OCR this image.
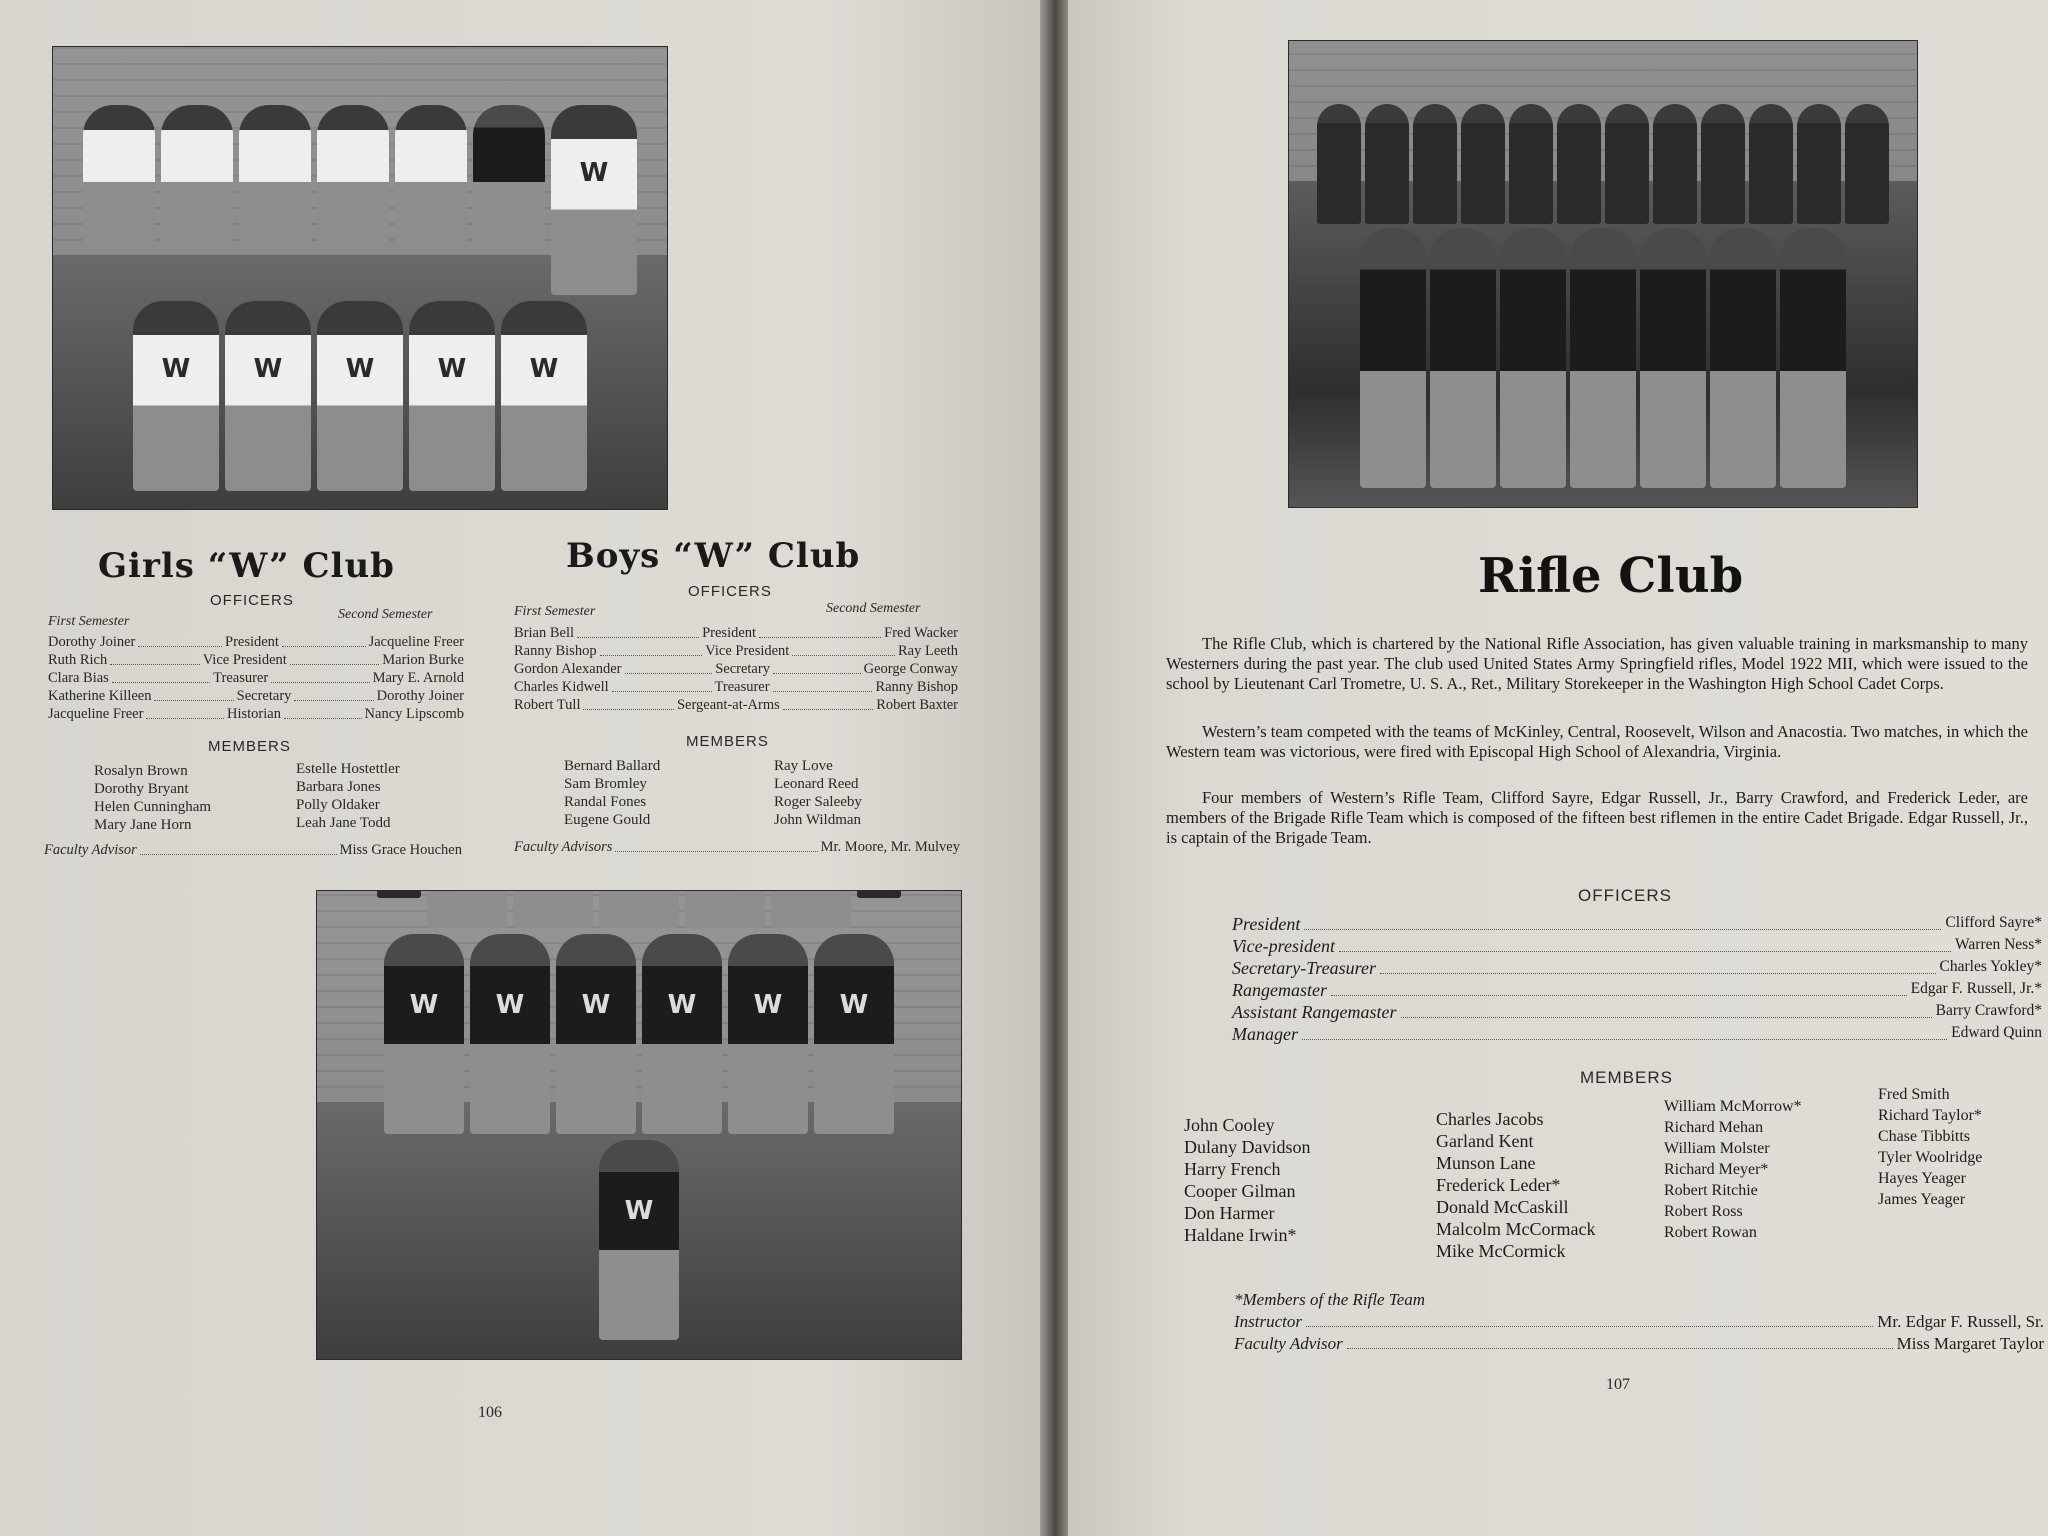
W
W	W	W	W	W
Girls “W” Club
OFFICERS
First Semester	Second Semester
Dorothy Joiner	President	Jacqueline Freer
Ruth Rich	Vice President	Marion Burke
Clara Bias	Treasurer	Mary E. Arnold
Katherine Killeen	Secretary	Dorothy Joiner
Jacqueline Freer	Historian	Nancy Lipscomb
MEMBERS
Rosalyn Brown
Dorothy Bryant
Helen Cunningham
Mary Jane Horn
Estelle Hostettler
Barbara Jones
Polly Oldaker
Leah Jane Todd
Faculty Advisor	Miss Grace Houchen
Boys “W” Club
OFFICERS
First Semester	Second Semester
Brian Bell	President	Fred Wacker
Ranny Bishop	Vice President	Ray Leeth
Gordon Alexander	Secretary	George Conway
Charles Kidwell	Treasurer	Ranny Bishop
Robert Tull	Sergeant-at-Arms	Robert Baxter
MEMBERS
Bernard Ballard
Sam Bromley
Randal Fones
Eugene Gould
Ray Love
Leonard Reed
Roger Saleeby
John Wildman
Faculty Advisors	Mr. Moore, Mr. Mulvey
W	W	W	W	W	W
W
106
Rifle Club

The Rifle Club, which is chartered by the National Rifle Association, has given valuable training in marksmanship to many Westerners during the past year. The club used United States Army Springfield rifles, Model 1922 MII, which were issued to the school by Lieutenant Carl Trometre, U. S. A., Ret., Military Storekeeper in the Washington High School Cadet Corps.

Western’s team competed with the teams of McKinley, Central, Roosevelt, Wilson and Anacostia. Two matches, in which the Western team was victorious, were fired with Episcopal High School of Alexandria, Virginia.

Four members of Western’s Rifle Team, Clifford Sayre, Edgar Russell, Jr., Barry Crawford, and Frederick Leder, are members of the Brigade Rifle Team which is composed of the fifteen best riflemen in the entire Cadet Brigade. Edgar Russell, Jr., is captain of the Brigade Team.

OFFICERS
President	Clifford Sayre*
Vice-president	Warren Ness*
Secretary-Treasurer	Charles Yokley*
Rangemaster	Edgar F. Russell, Jr.*
Assistant Rangemaster	Barry Crawford*
Manager	Edward Quinn
MEMBERS
John Cooley
Dulany Davidson
Harry French
Cooper Gilman
Don Harmer
Haldane Irwin*
Charles Jacobs
Garland Kent
Munson Lane
Frederick Leder*
Donald McCaskill
Malcolm McCormack
Mike McCormick
William McMorrow*
Richard Mehan
William Molster
Richard Meyer*
Robert Ritchie
Robert Ross
Robert Rowan
Fred Smith
Richard Taylor*
Chase Tibbitts
Tyler Woolridge
Hayes Yeager
James Yeager
*Members of the Rifle Team
Instructor	Mr. Edgar F. Russell, Sr.
Faculty Advisor	Miss Margaret Taylor
107
